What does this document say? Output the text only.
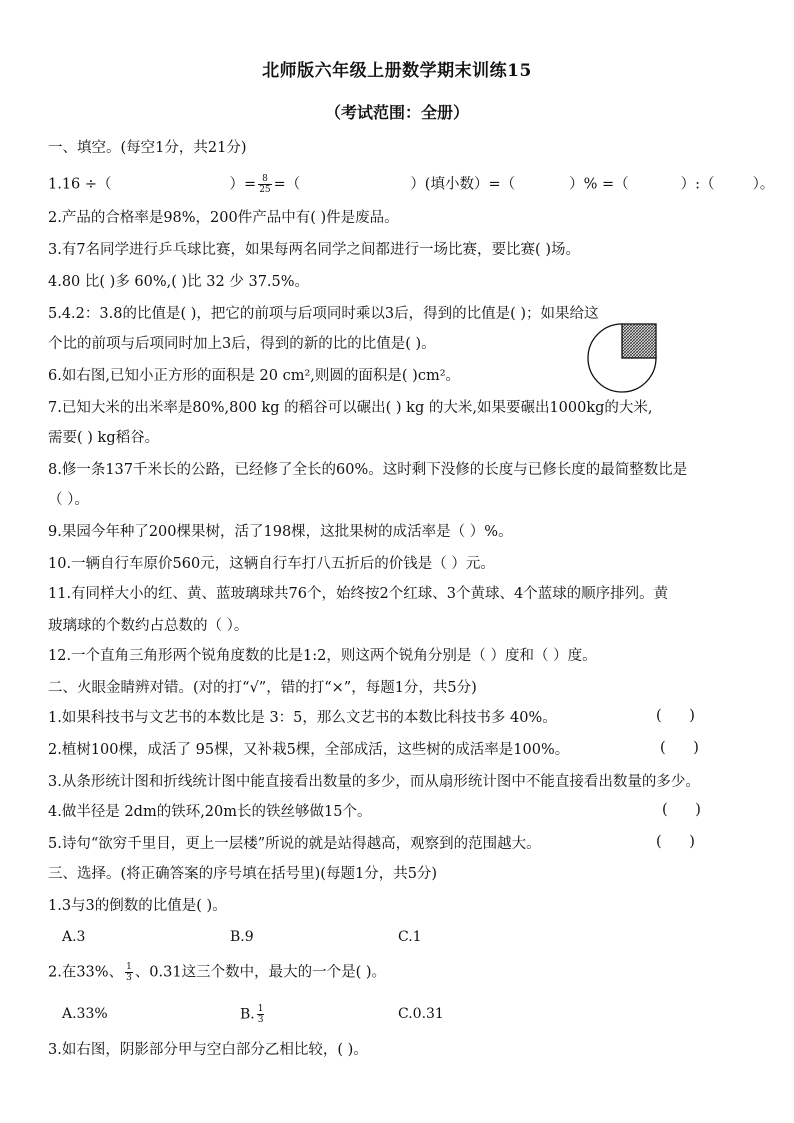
北师版六年级上册数学期末训练15
（考试范围：全册）
一、填空。(每空1分，共21分)
1.16 ÷（	）= $\frac{8}{25}$ =（	）(填小数）=（	）% =（	）:（	）。
2.产品的合格率是98%，200件产品中有( )件是废品。
3.有7名同学进行乒乓球比赛，如果每两名同学之间都进行一场比赛，要比赛( )场。
4.80 比( )多 60%,( )比 32 少 37.5%。
5.4.2：3.8的比值是( )，把它的前项与后项同时乘以3后，得到的比值是( )；如果给这
个比的前项与后项同时加上3后，得到的新的比的比值是( )。
6.如右图,已知小正方形的面积是 20 cm²,则圆的面积是( )cm²。
7.已知大米的出米率是80%,800 kg 的稻谷可以碾出( ) kg 的大米,如果要碾出1000kg的大米,
需要( ) kg稻谷。
8.修一条137千米长的公路，已经修了全长的60%。这时剩下没修的长度与已修长度的最简整数比是
（ ）。
9.果园今年种了200棵果树，活了198棵，这批果树的成活率是（ ）%。
10.一辆自行车原价560元，这辆自行车打八五折后的价钱是（ ）元。
11.有同样大小的红、黄、蓝玻璃球共76个，始终按2个红球、3个黄球、4个蓝球的顺序排列。黄
玻璃球的个数约占总数的（ ）。
12.一个直角三角形两个锐角度数的比是1:2，则这两个锐角分别是（ ）度和（ ）度。
二、火眼金睛辨对错。(对的打“√”，错的打“×”，每题1分，共5分)
1.如果科技书与文艺书的本数比是 3：5，那么文艺书的本数比科技书多 40%。	(      )
2.植树100棵，成活了 95棵，又补栽5棵，全部成活，这些树的成活率是100%。	(      )
3.从条形统计图和折线统计图中能直接看出数量的多少，而从扇形统计图中不能直接看出数量的多少。
4.做半径是 2dm的铁环,20m长的铁丝够做15个。	(      )
5.诗句“欲穷千里目，更上一层楼”所说的就是站得越高，观察到的范围越大。	(      )
三、选择。(将正确答案的序号填在括号里)(每题1分，共5分)
1.3与3的倒数的比值是( )。
A.3	B.9	C.1
2.在33%、 $\frac{1}{3}$ 、0.31这三个数中，最大的一个是( )。
A.33%	B. $\frac{1}{3}$	C.0.31
3.如右图，阴影部分甲与空白部分乙相比较，( )。
